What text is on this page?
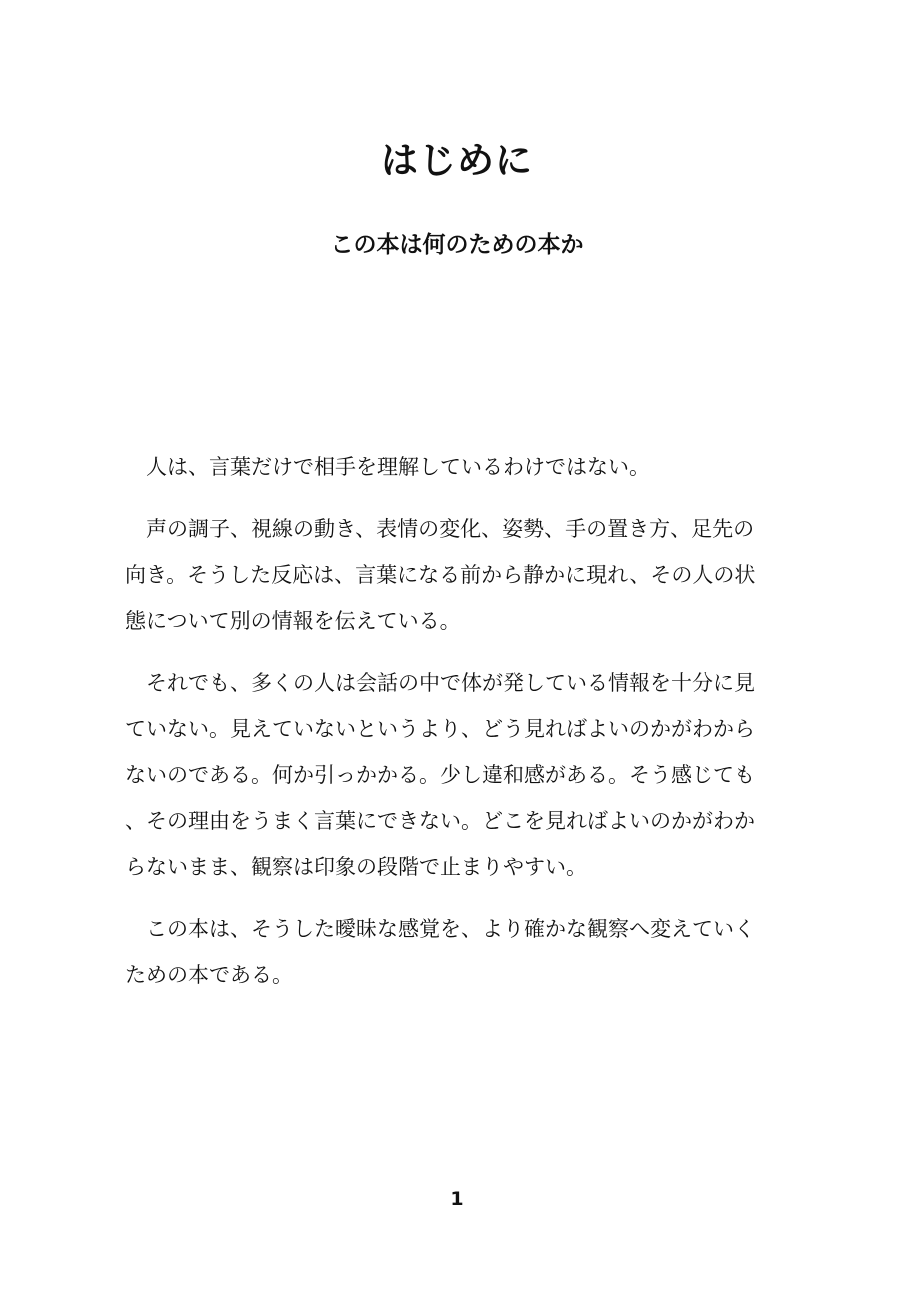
はじめに
この本は何のための本か

人は、言葉だけで相手を理解しているわけではない。

声の調子、視線の動き、表情の変化、姿勢、手の置き方、足先の向き。そうした反応は、言葉になる前から静かに現れ、その人の状態について別の情報を伝えている。

それでも、多くの人は会話の中で体が発している情報を十分に見ていない。見えていないというより、どう見ればよいのかがわからないのである。何か引っかかる。少し違和感がある。そう感じても、その理由をうまく言葉にできない。どこを見ればよいのかがわからないまま、観察は印象の段階で止まりやすい。

この本は、そうした曖昧な感覚を、より確かな観察へ変えていくための本である。

1
